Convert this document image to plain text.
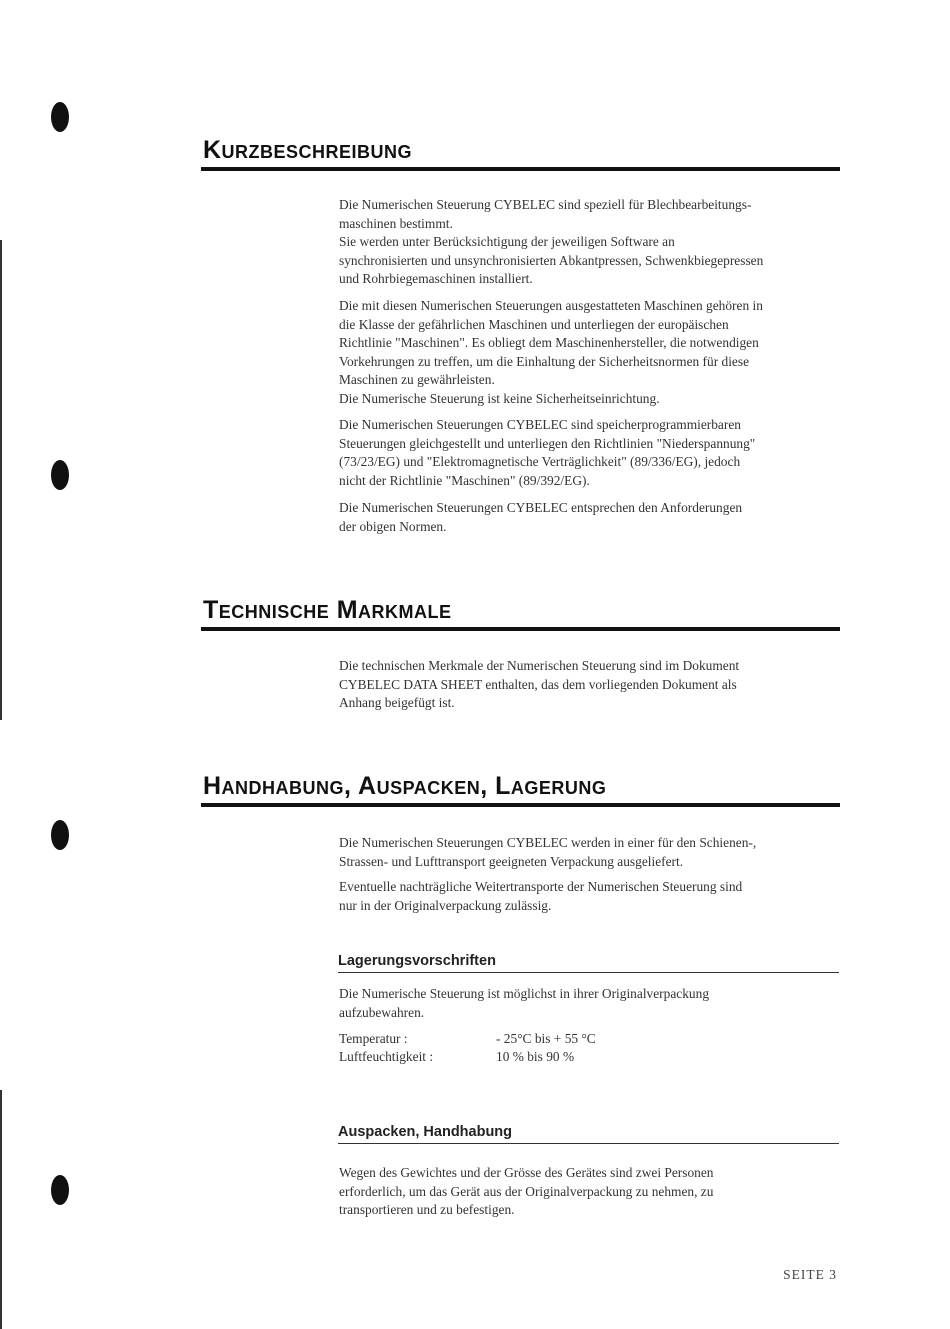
Kurzbeschreibung
Die Numerischen Steuerung CYBELEC sind speziell für Blechbearbeitungs-
maschinen bestimmt.
Sie werden unter Berücksichtigung der jeweiligen Software an
synchronisierten und unsynchronisierten Abkantpressen, Schwenkbiegepressen
und Rohrbiegemaschinen installiert.
Die mit diesen Numerischen Steuerungen ausgestatteten Maschinen gehören in
die Klasse der gefährlichen Maschinen und unterliegen der europäischen
Richtlinie "Maschinen". Es obliegt dem Maschinenhersteller, die notwendigen
Vorkehrungen zu treffen, um die Einhaltung der Sicherheitsnormen für diese
Maschinen zu gewährleisten.
Die Numerische Steuerung ist keine Sicherheitseinrichtung.
Die Numerischen Steuerungen CYBELEC sind speicherprogrammierbaren
Steuerungen gleichgestellt und unterliegen den Richtlinien "Niederspannung"
(73/23/EG) und "Elektromagnetische Verträglichkeit" (89/336/EG), jedoch
nicht der Richtlinie "Maschinen" (89/392/EG).
Die Numerischen Steuerungen CYBELEC entsprechen den Anforderungen
der obigen Normen.
Technische Markmale
Die technischen Merkmale der Numerischen Steuerung sind im Dokument
CYBELEC DATA SHEET enthalten, das dem vorliegenden Dokument als
Anhang beigefügt ist.
Handhabung, Auspacken, Lagerung
Die Numerischen Steuerungen CYBELEC werden in einer für den Schienen-,
Strassen- und Lufttransport geeigneten Verpackung ausgeliefert.
Eventuelle nachträgliche Weitertransporte der Numerischen Steuerung sind
nur in der Originalverpackung zulässig.
Lagerungsvorschriften
Die Numerische Steuerung ist möglichst in ihrer Originalverpackung
aufzubewahren.
Temperatur :	- 25°C bis + 55 °C
Luftfeuchtigkeit :	10 % bis 90 %
Auspacken, Handhabung
Wegen des Gewichtes und der Grösse des Gerätes sind zwei Personen
erforderlich, um das Gerät aus der Originalverpackung zu nehmen, zu
transportieren und zu befestigen.
SEITE 3
